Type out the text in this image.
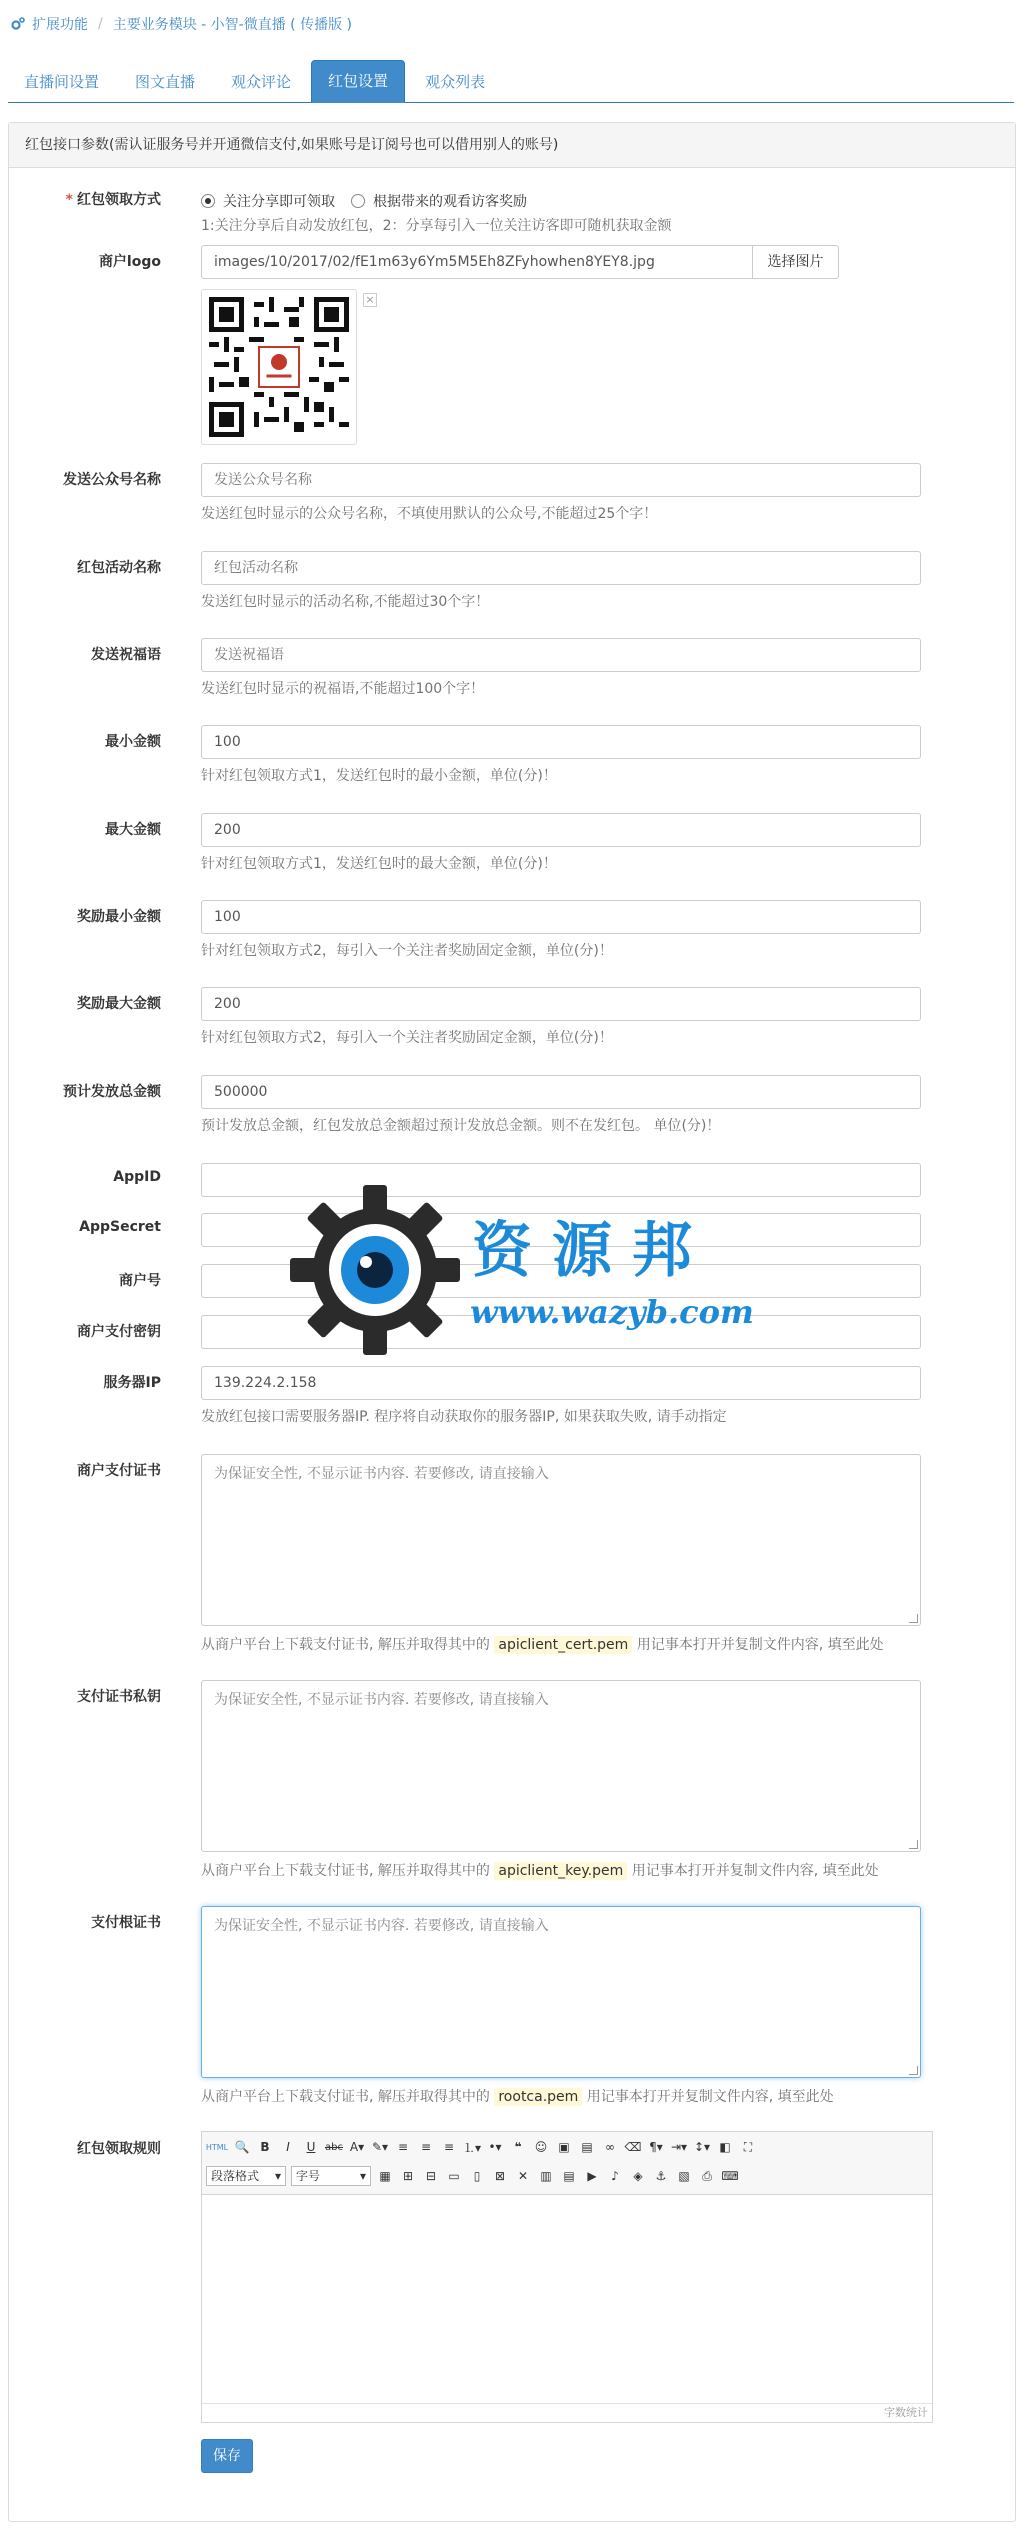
扩展功能 / 主要业务模块 - 小智-微直播 ( 传播版 )
直播间设置	图文直播	观众评论	红包设置	观众列表
红包接口参数(需认证服务号并开通微信支付,如果账号是订阅号也可以借用别人的账号)
* 红包领取方式	关注分享即可领取	根据带来的观看访客奖励
1:关注分享后自动发放红包，2：分享每引入一位关注访客即可随机获取金额
商户logo	images/10/2017/02/fE1m63y6Ym5M5Eh8ZFyhowhen8YEY8.jpg	选择图片
×
发送公众号名称	发送公众号名称
发送红包时显示的公众号名称，不填使用默认的公众号,不能超过25个字！
红包活动名称	红包活动名称
发送红包时显示的活动名称,不能超过30个字！
发送祝福语	发送祝福语
发送红包时显示的祝福语,不能超过100个字！
最小金额	100
针对红包领取方式1，发送红包时的最小金额，单位(分)！
最大金额	200
针对红包领取方式1，发送红包时的最大金额，单位(分)！
奖励最小金额	100
针对红包领取方式2，每引入一个关注者奖励固定金额，单位(分)！
奖励最大金额	200
针对红包领取方式2，每引入一个关注者奖励固定金额，单位(分)！
预计发放总金额	500000
预计发放总金额，红包发放总金额超过预计发放总金额。则不在发红包。 单位(分)！
AppID
AppSecret
商户号
商户支付密钥
服务器IP	139.224.2.158
发放红包接口需要服务器IP. 程序将自动获取你的服务器IP, 如果获取失败, 请手动指定
商户支付证书	为保证安全性, 不显示证书内容. 若要修改, 请直接输入
从商户平台上下载支付证书, 解压并取得其中的 apiclient_cert.pem 用记事本打开并复制文件内容, 填至此处
支付证书私钥	为保证安全性, 不显示证书内容. 若要修改, 请直接输入
从商户平台上下载支付证书, 解压并取得其中的 apiclient_key.pem 用记事本打开并复制文件内容, 填至此处
支付根证书	为保证安全性, 不显示证书内容. 若要修改, 请直接输入
从商户平台上下载支付证书, 解压并取得其中的 rootca.pem 用记事本打开并复制文件内容, 填至此处
红包领取规则	HTML 🔍 B	I	U abc A▾ ✎▾ ≡	≡	≡ ⒈▾ •▾	❝	☺ ▣ ▤	∞ ⌫ ¶▾ ⇥▾ ↕▾ ◧	⛶
段落格式 ▾ 字号	▾ ▦	⊞	⊟	▭	▯	⊠	✕	▥ ▤	▶	♪	◈	⚓ ▧	⎙ ⌨
字数统计
保存
资源邦
www.wazyb.com
